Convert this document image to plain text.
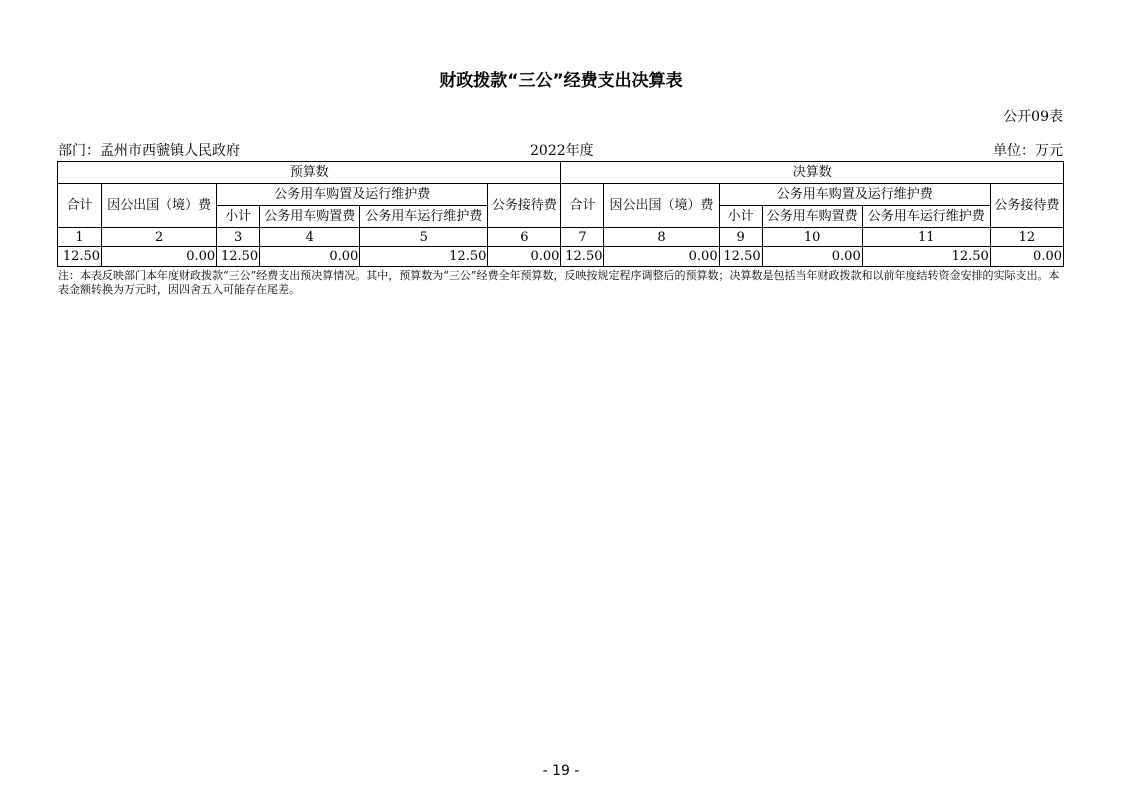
财政拨款“三公”经费支出决算表
公开09表
部门：孟州市西虢镇人民政府	2022年度	单位：万元
预算数						决算数					
合计	因公出国（境）费	公务用车购置及运行维护费			公务接待费	合计	因公出国（境）费	公务用车购置及运行维护费			公务接待费
		小计	公务用车购置费	公务用车运行维护费				小计	公务用车购置费	公务用车运行维护费	
1	2	3	4	5	6	7	8	9	10	11	12
12.50	0.00	12.50	0.00	12.50	0.00	12.50	0.00	12.50	0.00	12.50	0.00
注：本表反映部门本年度财政拨款“三公”经费支出预决算情况。其中，预算数为“三公”经费全年预算数，反映按规定程序调整后的预算数；决算数是包括当年财政拨款和以前年度结转资金安排的实际支出。本表金额转换为万元时，因四舍五入可能存在尾差。
- 19 -
